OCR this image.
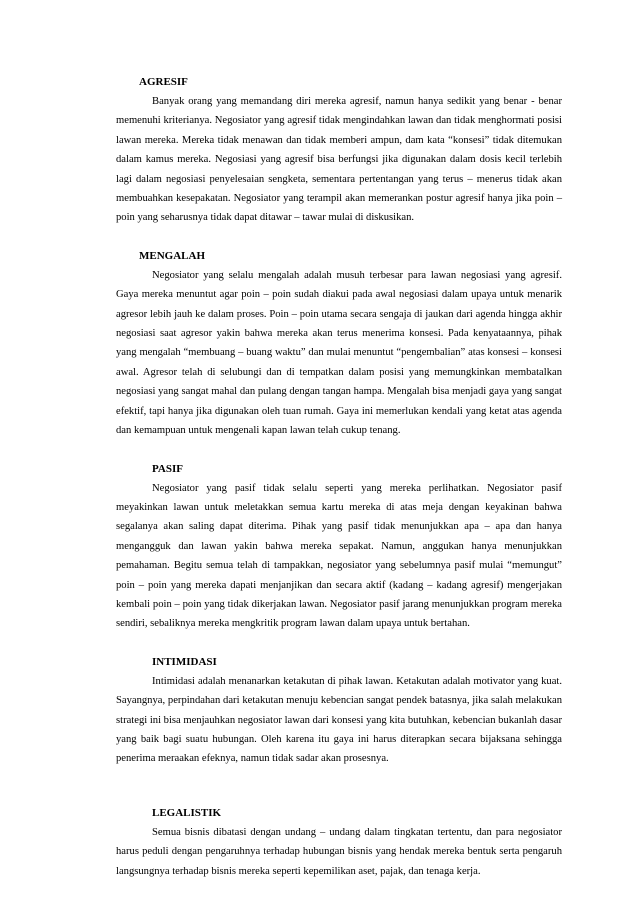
AGRESIF

Banyak orang yang memandang diri mereka agresif, namun hanya sedikit yang benar - benar memenuhi kriterianya. Negosiator yang agresif tidak mengindahkan lawan dan tidak menghormati posisi lawan mereka. Mereka tidak menawan dan tidak memberi ampun, dam kata “konsesi” tidak ditemukan dalam kamus mereka. Negosiasi yang agresif bisa berfungsi jika digunakan dalam dosis kecil terlebih lagi dalam negosiasi penyelesaian sengketa, sementara pertentangan yang terus – menerus tidak akan membuahkan kesepakatan. Negosiator yang terampil akan memerankan postur agresif hanya jika poin – poin yang seharusnya tidak dapat ditawar – tawar mulai di diskusikan.

MENGALAH

Negosiator yang selalu mengalah adalah musuh terbesar para lawan negosiasi yang agresif. Gaya mereka menuntut agar poin – poin sudah diakui pada awal negosiasi dalam upaya untuk menarik agresor lebih jauh ke dalam proses. Poin – poin utama secara sengaja di jaukan dari agenda hingga akhir negosiasi saat agresor yakin bahwa mereka akan terus menerima konsesi. Pada kenyataannya, pihak yang mengalah “membuang – buang waktu” dan mulai menuntut “pengembalian” atas konsesi – konsesi awal. Agresor telah di selubungi dan di tempatkan dalam posisi yang memungkinkan membatalkan negosiasi yang sangat mahal dan pulang dengan tangan hampa. Mengalah bisa menjadi gaya yang sangat efektif, tapi hanya jika digunakan oleh tuan rumah. Gaya ini memerlukan kendali yang ketat atas agenda dan kemampuan untuk mengenali kapan lawan telah cukup tenang.

PASIF

Negosiator yang pasif tidak selalu seperti yang mereka perlihatkan. Negosiator pasif meyakinkan lawan untuk meletakkan semua kartu mereka di atas meja dengan keyakinan bahwa segalanya akan saling dapat diterima. Pihak yang pasif tidak menunjukkan apa – apa dan hanya mengangguk dan lawan yakin bahwa mereka sepakat. Namun, anggukan hanya menunjukkan pemahaman. Begitu semua telah di tampakkan, negosiator yang sebelumnya pasif mulai “memungut” poin – poin yang mereka dapati menjanjikan dan secara aktif (kadang – kadang agresif) mengerjakan kembali poin – poin yang tidak dikerjakan lawan. Negosiator pasif jarang menunjukkan program mereka sendiri, sebaliknya mereka mengkritik program lawan dalam upaya untuk bertahan.

INTIMIDASI

Intimidasi adalah menanarkan ketakutan di pihak lawan. Ketakutan adalah motivator yang kuat. Sayangnya, perpindahan dari ketakutan menuju kebencian sangat pendek batasnya, jika salah melakukan strategi ini bisa menjauhkan negosiator lawan dari konsesi yang kita butuhkan, kebencian bukanlah dasar yang baik bagi suatu hubungan. Oleh karena itu gaya ini harus diterapkan secara bijaksana sehingga penerima meraakan efeknya, namun tidak sadar akan prosesnya.

LEGALISTIK

Semua bisnis dibatasi dengan undang – undang dalam tingkatan tertentu, dan para negosiator harus peduli dengan pengaruhnya terhadap hubungan bisnis yang hendak mereka bentuk serta pengaruh langsungnya terhadap bisnis mereka seperti kepemilikan aset, pajak, dan tenaga kerja.
